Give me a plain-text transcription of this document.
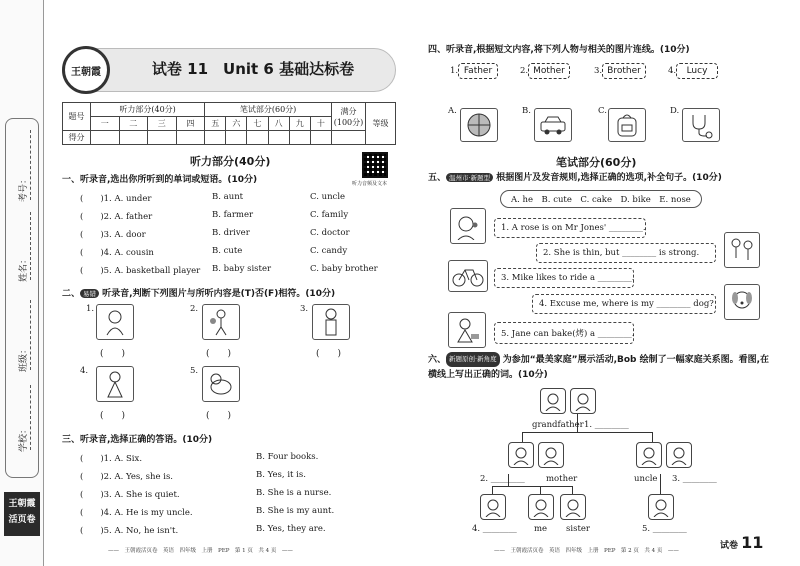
考号：
姓名：
班级：
学校：
王朝霞
活页卷
王朝霞	试卷 11　Unit 6 基础达标卷
题号	听力部分(40分)				笔试部分(60分)						满分(100分)	等级
	一	二	三	四	五	六	七	八	九	十		
得分												
听力部分(40分)
听力音频及文本
一、听录音,选出你所听到的单词或短语。(10分)
(　　)1. A. under	B. aunt	C. uncle
(　　)2. A. father	B. farmer	C. family
(　　)3. A. door	B. driver	C. doctor
(　　)4. A. cousin	B. cute	C. candy
(　　)5. A. basketball player B. baby sister	C. baby brother
二、 易错 听录音,判断下列图片与所听内容是(T)否(F)相符。(10分)
1.
(　　)
2.
(　　)
3.
(　　)
4.
(　　)
5.
(　　)
三、听录音,选择正确的答语。(10分)
(　　)1. A. Six.	B. Four books.
(　　)2. A. Yes, she is.	B. Yes, it is.
(　　)3. A. She is quiet.	B. She is a nurse.
(　　)4. A. He is my uncle.	B. She is my aunt.
(　　)5. A. No, he isn't.	B. Yes, they are.
——　王朝霞活页卷　英语　四年级　上册　PEP　第 1 页　共 4 页　——
四、听录音,根据短文内容,将下列人物与相关的图片连线。(10分)
1. Father	2. Mother	3. Brother	4.	Lucy
A.	B.	C.	D.
笔试部分(60分)
五、 温州市·新题型 根据图片及发音规则,选择正确的选项,补全句子。(10分)
A. he　B. cute　C. cake　D. bike　E. nose
1. A rose is on Mr Jones' ________.
2. She is thin, but ________ is strong.
3. Mike likes to ride a ________.
4. Excuse me, where is my ________ dog?
5. Jane can bake(烤) a ________.
六、 新题原创·新角度 为参加“最美家庭”展示活动,Bob 绘制了一幅家庭关系图。看图,在横线上写出正确的词。(10分)
grandfather 1. ________
2. ________ mother	uncle 3. ________
4. ________ me sister	5. ________
——　王朝霞活页卷　英语　四年级　上册　PEP　第 2 页　共 4 页　——	试卷 11
